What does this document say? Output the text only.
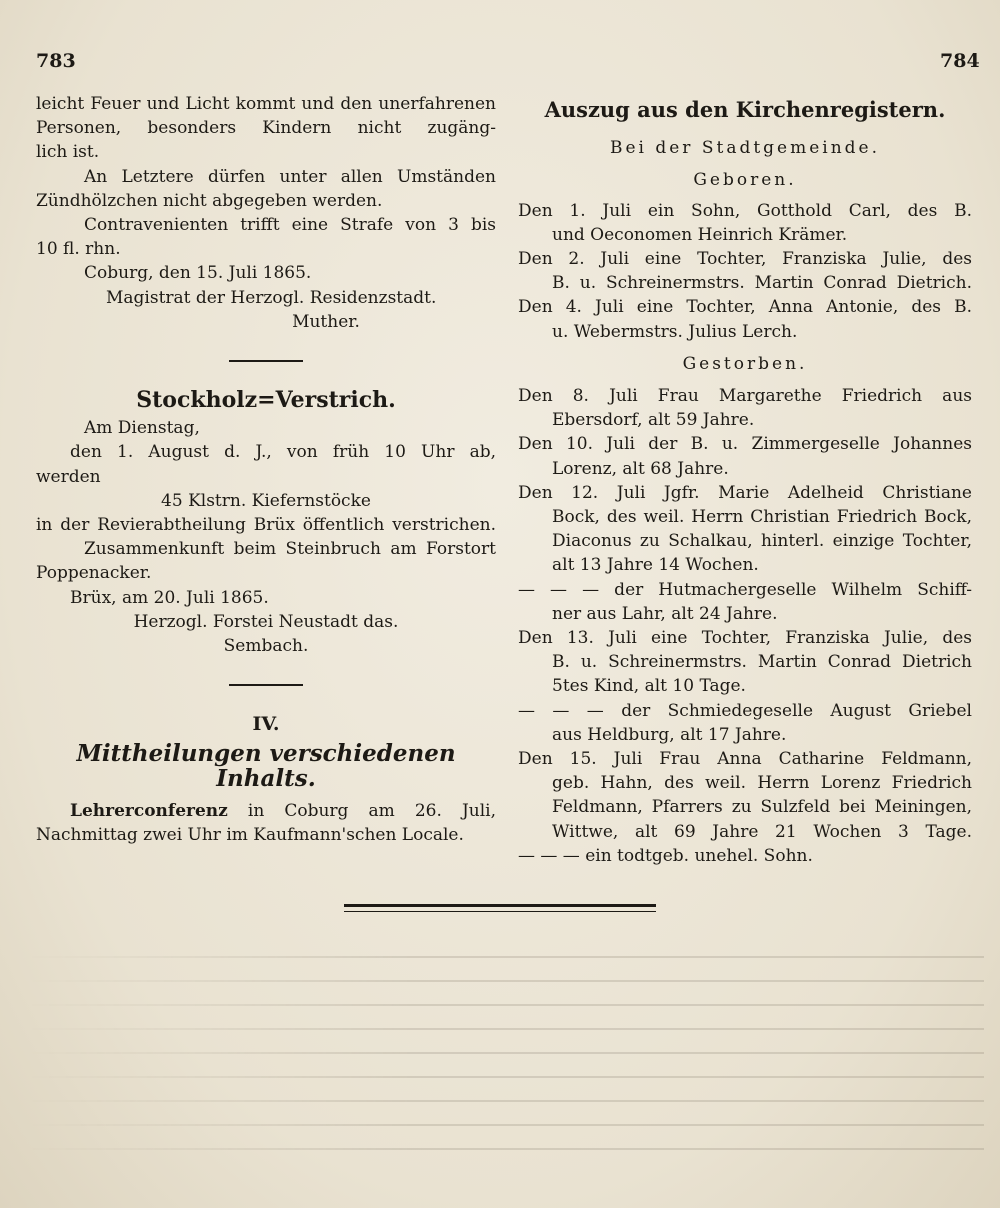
783	784
leicht Feuer und Licht kommt und den unerfahrenen
Personen, besonders Kindern nicht zugäng-
lich ist.
An Letztere dürfen unter allen Umständen
Zündhölzchen nicht abgegeben werden.
Contravenienten trifft eine Strafe von 3 bis
10 fl. rhn.
Coburg, den 15. Juli 1865.
Magistrat der Herzogl. Residenzstadt.
Muther.
Stockholz=Verstrich.
Am Dienstag,
den 1. August d. J., von früh 10 Uhr ab,
werden
45 Klstrn. Kiefernstöcke
in der Revierabtheilung Brüx öffentlich verstrichen.
Zusammenkunft beim Steinbruch am Forstort
Poppenacker.
Brüx, am 20. Juli 1865.
Herzogl. Forstei Neustadt das.
Sembach.
IV.
Mittheilungen verschiedenen Inhalts.
Lehrerconferenz in Coburg am 26. Juli,
Nachmittag zwei Uhr im Kaufmann'schen Locale.
Auszug aus den Kirchenregistern.
Bei der Stadtgemeinde.
Geboren.
Den 1. Juli ein Sohn, Gotthold Carl, des B.
und Oeconomen Heinrich Krämer.
Den 2. Juli eine Tochter, Franziska Julie, des
B. u. Schreinermstrs. Martin Conrad Dietrich.
Den 4. Juli eine Tochter, Anna Antonie, des B.
u. Webermstrs. Julius Lerch.
Gestorben.
Den 8. Juli Frau Margarethe Friedrich aus
Ebersdorf, alt 59 Jahre.
Den 10. Juli der B. u. Zimmergeselle Johannes
Lorenz, alt 68 Jahre.
Den 12. Juli Jgfr. Marie Adelheid Christiane
Bock, des weil. Herrn Christian Friedrich Bock,
Diaconus zu Schalkau, hinterl. einzige Tochter,
alt 13 Jahre 14 Wochen.
— — — der Hutmachergeselle Wilhelm Schiff-
ner aus Lahr, alt 24 Jahre.
Den 13. Juli eine Tochter, Franziska Julie, des
B. u. Schreinermstrs. Martin Conrad Dietrich
5tes Kind, alt 10 Tage.
— — — der Schmiedegeselle August Griebel
aus Heldburg, alt 17 Jahre.
Den 15. Juli Frau Anna Catharine Feldmann,
geb. Hahn, des weil. Herrn Lorenz Friedrich
Feldmann, Pfarrers zu Sulzfeld bei Meiningen,
Wittwe, alt 69 Jahre 21 Wochen 3 Tage.
— — — ein todtgeb. unehel. Sohn.
